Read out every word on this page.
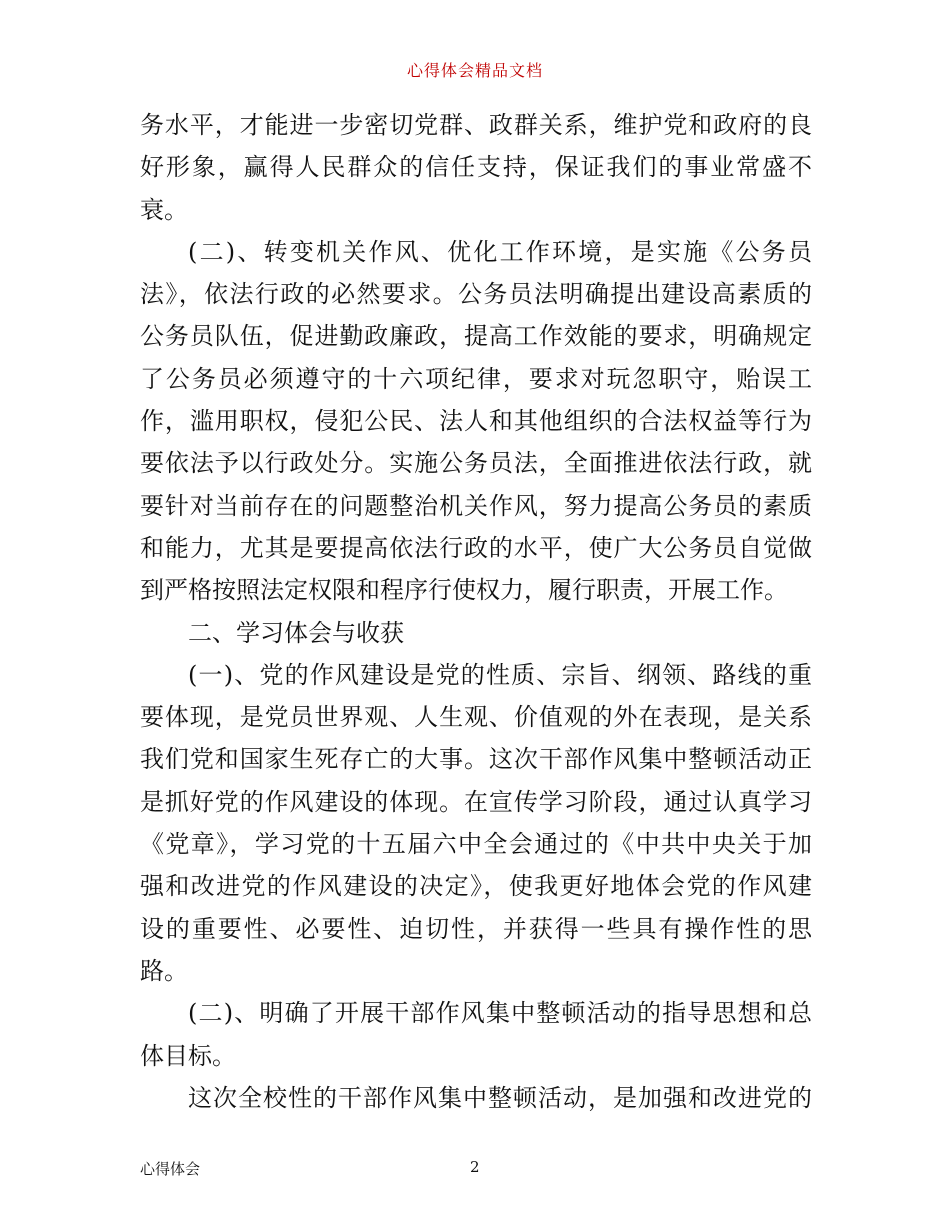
心得体会精品文档
务水平，才能进一步密切党群、政群关系，维护党和政府的良
好形象，赢得人民群众的信任支持，保证我们的事业常盛不
衰。
(二)、转变机关作风、优化工作环境，是实施《公务员
法》，依法行政的必然要求。公务员法明确提出建设高素质的
公务员队伍，促进勤政廉政，提高工作效能的要求，明确规定
了公务员必须遵守的十六项纪律，要求对玩忽职守，贻误工
作，滥用职权，侵犯公民、法人和其他组织的合法权益等行为
要依法予以行政处分。实施公务员法，全面推进依法行政，就
要针对当前存在的问题整治机关作风，努力提高公务员的素质
和能力，尤其是要提高依法行政的水平，使广大公务员自觉做
到严格按照法定权限和程序行使权力，履行职责，开展工作。
二、学习体会与收获
(一)、党的作风建设是党的性质、宗旨、纲领、路线的重
要体现，是党员世界观、人生观、价值观的外在表现，是关系
我们党和国家生死存亡的大事。这次干部作风集中整顿活动正
是抓好党的作风建设的体现。在宣传学习阶段，通过认真学习
《党章》，学习党的十五届六中全会通过的《中共中央关于加
强和改进党的作风建设的决定》，使我更好地体会党的作风建
设的重要性、必要性、迫切性，并获得一些具有操作性的思
路。
(二)、明确了开展干部作风集中整顿活动的指导思想和总
体目标。
这次全校性的干部作风集中整顿活动，是加强和改进党的
心得体会	2
